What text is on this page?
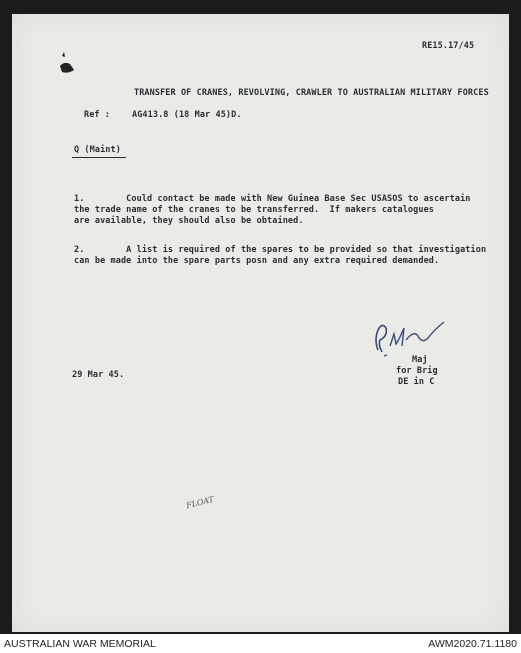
RE15.17/45
TRANSFER OF CRANES, REVOLVING, CRAWLER TO AUSTRALIAN MILITARY FORCES
Ref :	AG413.8 (18 Mar 45)D.
Q (Maint)
1.        Could contact be made with New Guinea Base Sec USASOS to ascertain
the trade name of the cranes to be transferred.  If makers catalogues
are available, they should also be obtained.
2.        A list is required of the spares to be provided so that investigation
can be made into the spare parts posn and any extra required demanded.
Maj
29 Mar 45.	for Brig
DE in C
FLOAT
AUSTRALIAN WAR MEMORIAL	AWM2020.71.1180
